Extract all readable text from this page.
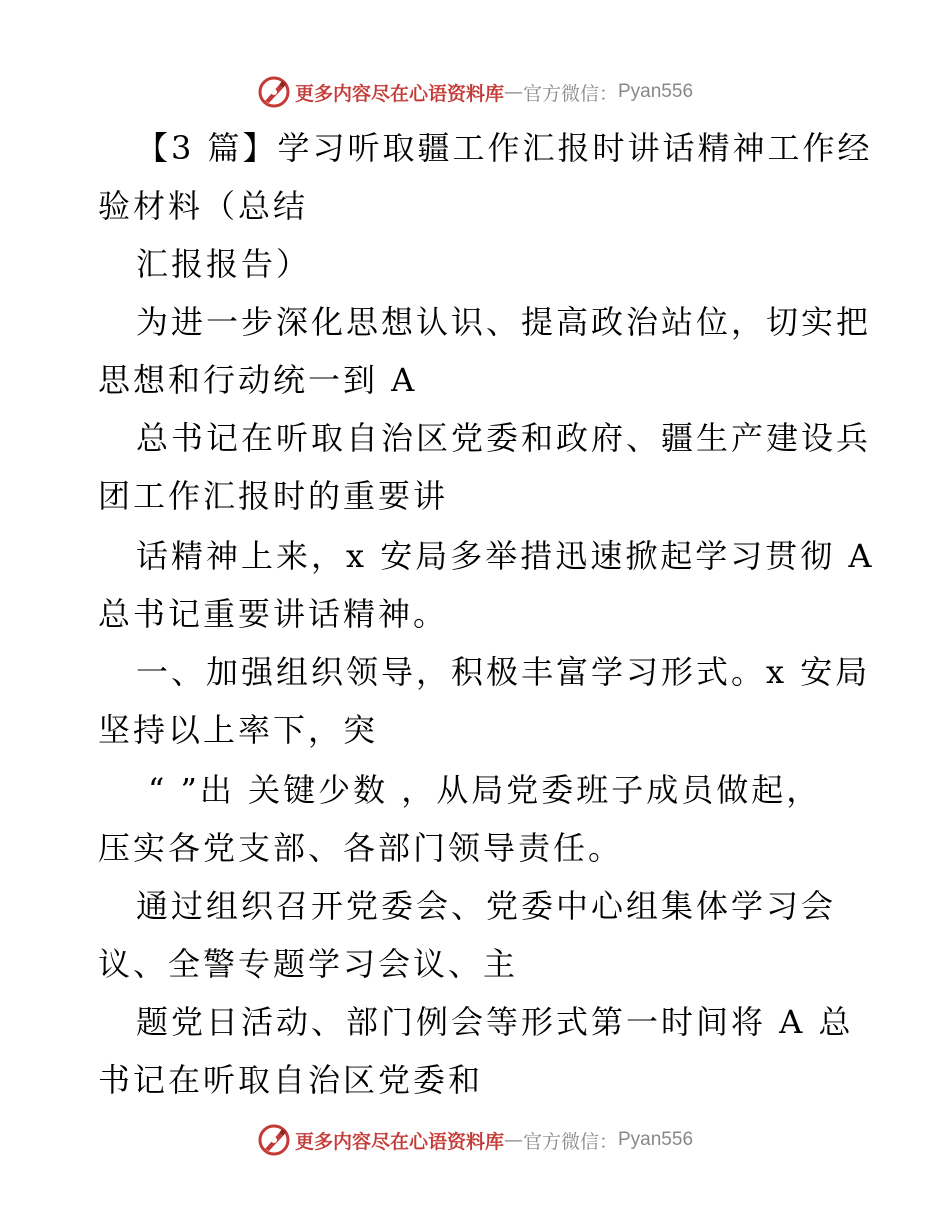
更多内容尽在心语资料库 — 官方微信： Pyan556
【3 篇】学习听取疆工作汇报时讲话精神工作经
验材料（总结
汇报报告）
为进一步深化思想认识、提高政治站位，切实把
思想和行动统一到 A
总书记在听取自治区党委和政府、疆生产建设兵
团工作汇报时的重要讲
话精神上来，x 安局多举措迅速掀起学习贯彻 A
总书记重要讲话精神。
一、加强组织领导，积极丰富学习形式。x 安局
坚持以上率下，突
“ ”出 关键少数 ，从局党委班子成员做起，
压实各党支部、各部门领导责任。
通过组织召开党委会、党委中心组集体学习会
议、全警专题学习会议、主
题党日活动、部门例会等形式第一时间将 A 总
书记在听取自治区党委和
更多内容尽在心语资料库 — 官方微信： Pyan556
